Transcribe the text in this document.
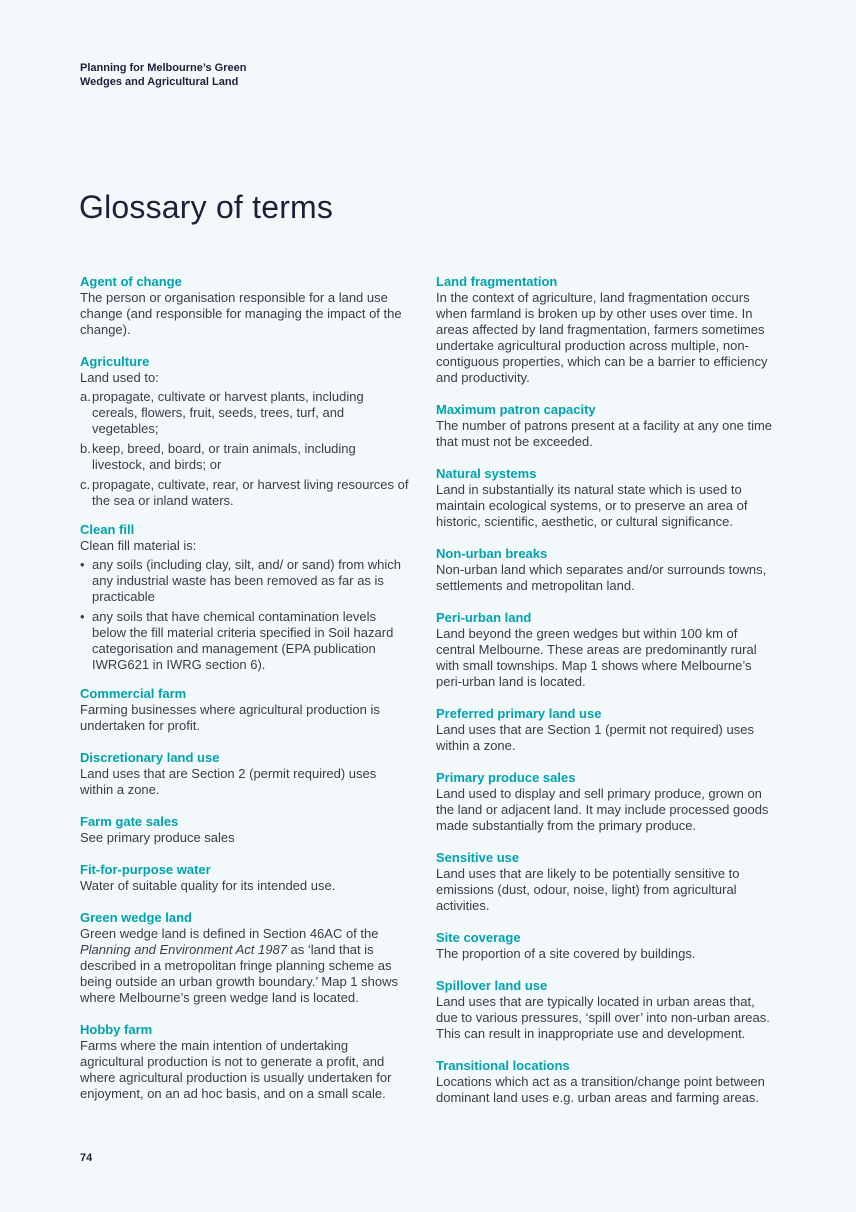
Planning for Melbourne’s Green
Wedges and Agricultural Land
Glossary of terms
Agent of change

The person or organisation responsible for a land use change (and responsible for managing the impact of the change).

Agriculture

Land used to:

a. propagate, cultivate or harvest plants, including cereals, flowers, fruit, seeds, trees, turf, and vegetables;
b. keep, breed, board, or train animals, including livestock, and birds; or
c. propagate, cultivate, rear, or harvest living resources of the sea or inland waters.
Clean fill

Clean fill material is:

• any soils (including clay, silt, and/ or sand) from which any industrial waste has been removed as far as is practicable
• any soils that have chemical contamination levels below the fill material criteria specified in Soil hazard categorisation and management (EPA publication IWRG621 in IWRG section 6).
Commercial farm

Farming businesses where agricultural production is undertaken for profit.

Discretionary land use

Land uses that are Section 2 (permit required) uses within a zone.

Farm gate sales

See primary produce sales

Fit-for-purpose water

Water of suitable quality for its intended use.

Green wedge land

Green wedge land is defined in Section 46AC of the Planning and Environment Act 1987 as ‘land that is described in a metropolitan fringe planning scheme as being outside an urban growth boundary.’ Map 1 shows where Melbourne’s green wedge land is located.

Hobby farm

Farms where the main intention of undertaking agricultural production is not to generate a profit, and where agricultural production is usually undertaken for enjoyment, on an ad hoc basis, and on a small scale.

Land fragmentation

In the context of agriculture, land fragmentation occurs when farmland is broken up by other uses over time. In areas affected by land fragmentation, farmers sometimes undertake agricultural production across multiple, non-contiguous properties, which can be a barrier to efficiency and productivity.

Maximum patron capacity

The number of patrons present at a facility at any one time that must not be exceeded.

Natural systems

Land in substantially its natural state which is used to maintain ecological systems, or to preserve an area of historic, scientific, aesthetic, or cultural significance.

Non-urban breaks

Non-urban land which separates and/or surrounds towns, settlements and metropolitan land.

Peri-urban land

Land beyond the green wedges but within 100 km of central Melbourne. These areas are predominantly rural with small townships. Map 1 shows where Melbourne’s peri-urban land is located.

Preferred primary land use

Land uses that are Section 1 (permit not required) uses within a zone.

Primary produce sales

Land used to display and sell primary produce, grown on the land or adjacent land. It may include processed goods made substantially from the primary produce.

Sensitive use

Land uses that are likely to be potentially sensitive to emissions (dust, odour, noise, light) from agricultural activities.

Site coverage

The proportion of a site covered by buildings.

Spillover land use

Land uses that are typically located in urban areas that, due to various pressures, ‘spill over’ into non-urban areas. This can result in inappropriate use and development.

Transitional locations

Locations which act as a transition/change point between dominant land uses e.g. urban areas and farming areas.

74
